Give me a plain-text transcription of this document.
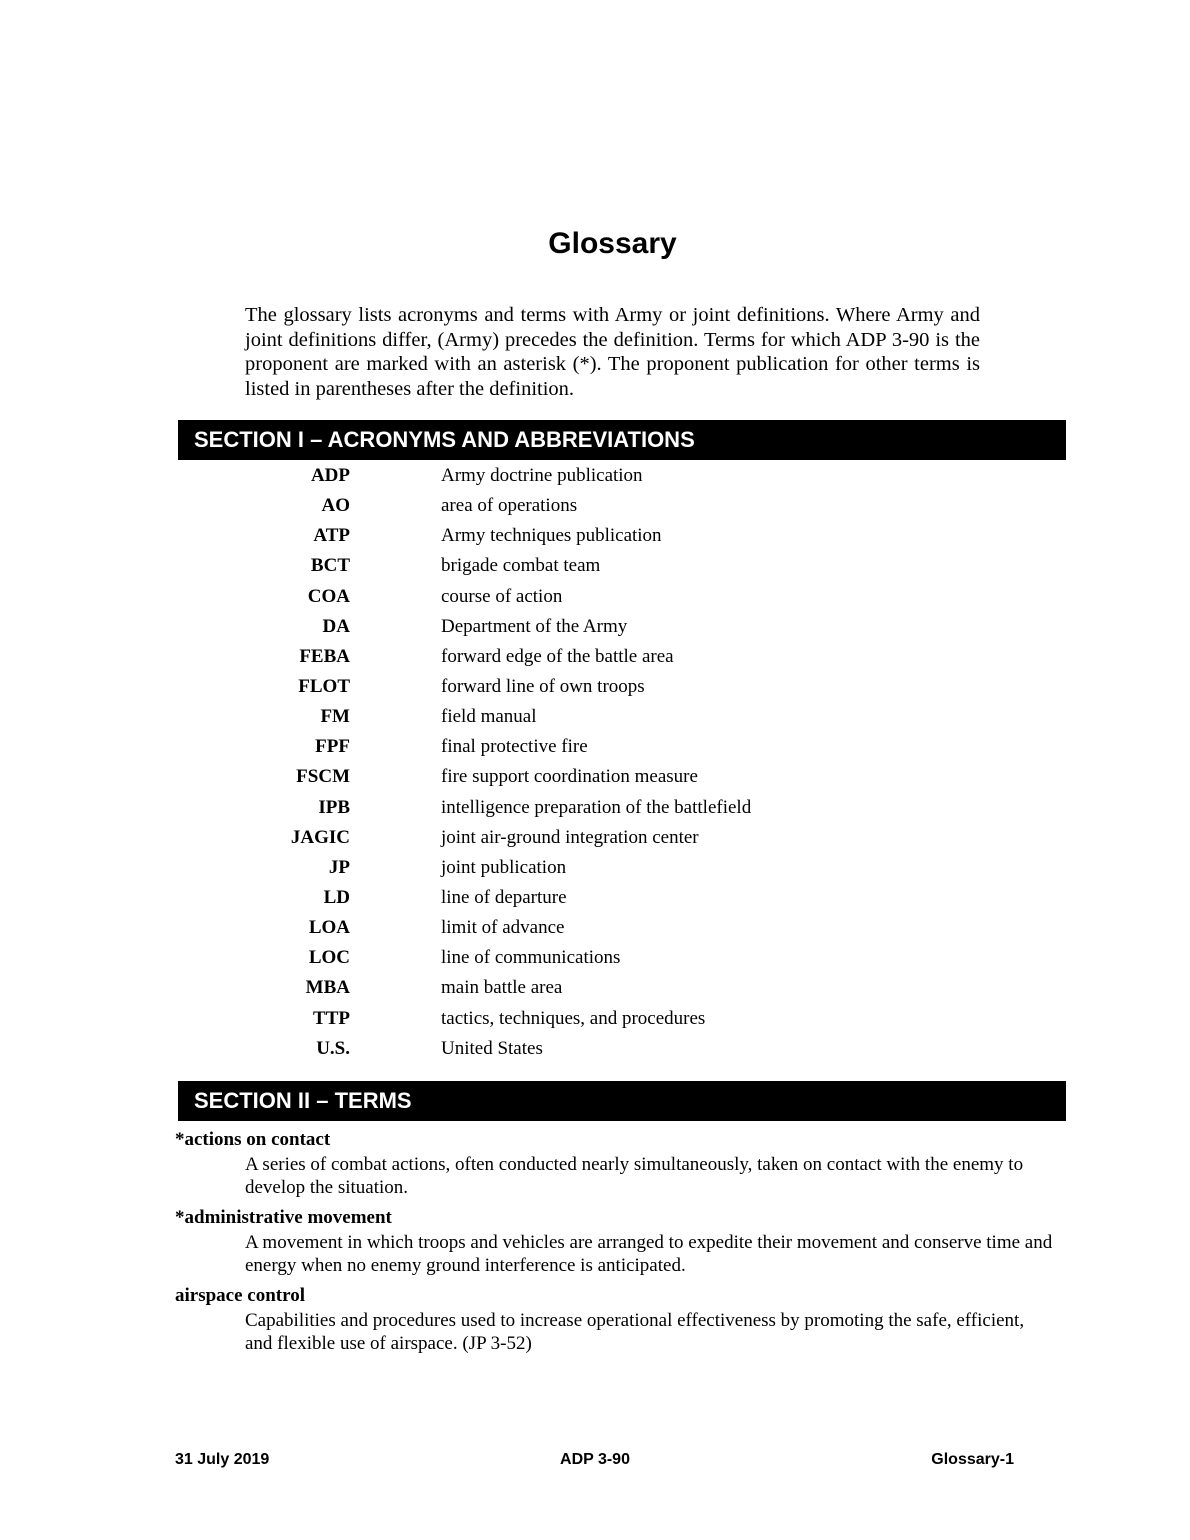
Glossary

The glossary lists acronyms and terms with Army or joint definitions. Where Army and joint definitions differ, (Army) precedes the definition. Terms for which ADP 3-90 is the proponent are marked with an asterisk (*). The proponent publication for other terms is listed in parentheses after the definition.

SECTION I – ACRONYMS AND ABBREVIATIONS
ADP	Army doctrine publication
AO	area of operations
ATP	Army techniques publication
BCT	brigade combat team
COA	course of action
DA	Department of the Army
FEBA	forward edge of the battle area
FLOT	forward line of own troops
FM	field manual
FPF	final protective fire
FSCM	fire support coordination measure
IPB	intelligence preparation of the battlefield
JAGIC	joint air-ground integration center
JP	joint publication
LD	line of departure
LOA	limit of advance
LOC	line of communications
MBA	main battle area
TTP	tactics, techniques, and procedures
U.S.	United States
SECTION II – TERMS
*actions on contact
A series of combat actions, often conducted nearly simultaneously, taken on contact with the enemy to develop the situation.
*administrative movement
A movement in which troops and vehicles are arranged to expedite their movement and conserve time and energy when no enemy ground interference is anticipated.
airspace control
Capabilities and procedures used to increase operational effectiveness by promoting the safe, efficient, and flexible use of airspace. (JP 3-52)
31 July 2019	ADP 3-90	Glossary-1
